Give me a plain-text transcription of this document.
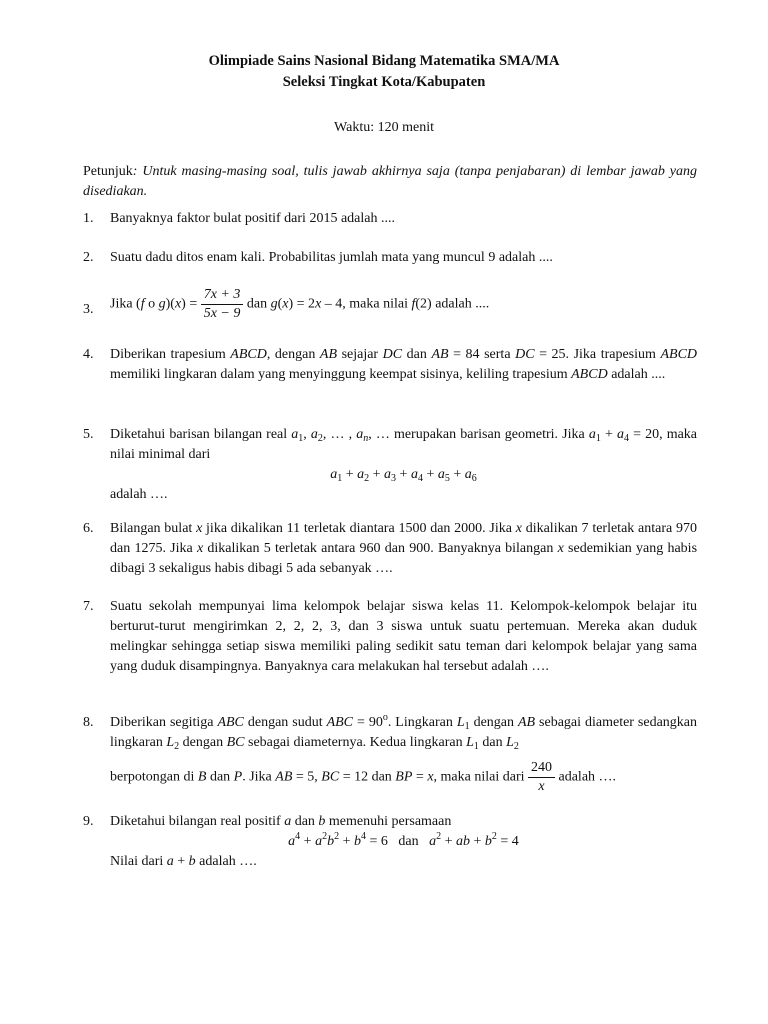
Olimpiade Sains Nasional Bidang Matematika SMA/MA
Seleksi Tingkat Kota/Kabupaten
Waktu: 120 menit
Petunjuk: Untuk masing-masing soal, tulis jawab akhirnya saja (tanpa penjabaran) di lembar jawab yang disediakan.
1.	Banyaknya faktor bulat positif dari 2015 adalah ....
2.	Suatu dadu ditos enam kali. Probabilitas jumlah mata yang muncul 9 adalah ....
3.	Jika (f o $g)(x) = \frac{7x + 3}{5x - 9}$ dan g(x) = 2x – 4, maka nilai f(2) adalah ....
4.	Diberikan trapesium ABCD, dengan AB sejajar DC dan AB = 84 serta DC = 25. Jika trapesium ABCD memiliki lingkaran dalam yang menyinggung keempat sisinya, keliling trapesium ABCD adalah ....
5.	Diketahui barisan bilangan real $a_1$, $a_2$, … , $a_n$, … merupakan barisan geometri. Jika $a_1 + a_4 = 20$, maka nilai minimal dari
$a_1 + a_2 + a_3 + a_4 + a_5 + a_6$
adalah ….
6.	Bilangan bulat x jika dikalikan 11 terletak diantara 1500 dan 2000. Jika x dikalikan 7 terletak antara 970 dan 1275. Jika x dikalikan 5 terletak antara 960 dan 900. Banyaknya bilangan x sedemikian yang habis dibagi 3 sekaligus habis dibagi 5 ada sebanyak ….
7.	Suatu sekolah mempunyai lima kelompok belajar siswa kelas 11. Kelompok-kelompok belajar itu berturut-turut mengirimkan 2, 2, 2, 3, dan 3 siswa untuk suatu pertemuan. Mereka akan duduk melingkar sehingga setiap siswa memiliki paling sedikit satu teman dari kelompok belajar yang sama yang duduk disampingnya. Banyaknya cara melakukan hal tersebut adalah ….
8.	Diberikan segitiga ABC dengan sudut ABC = $90^o$. Lingkaran $L_1$ dengan AB sebagai diameter sedangkan lingkaran $L_2$ dengan BC sebagai diameternya. Kedua lingkaran $L_1$ dan $L_2$
berpotongan di B dan P. Jika AB = 5, BC = 12 dan BP = x, maka nilai dari $\frac{240}{x}$ adalah ….
9.	Diketahui bilangan real positif a dan b memenuhi persamaan
$a^4 + a^2b^2 + b^4 = 6$   dan   $a^2$ + ab + $b^2 = 4$
Nilai dari a + b adalah ….
